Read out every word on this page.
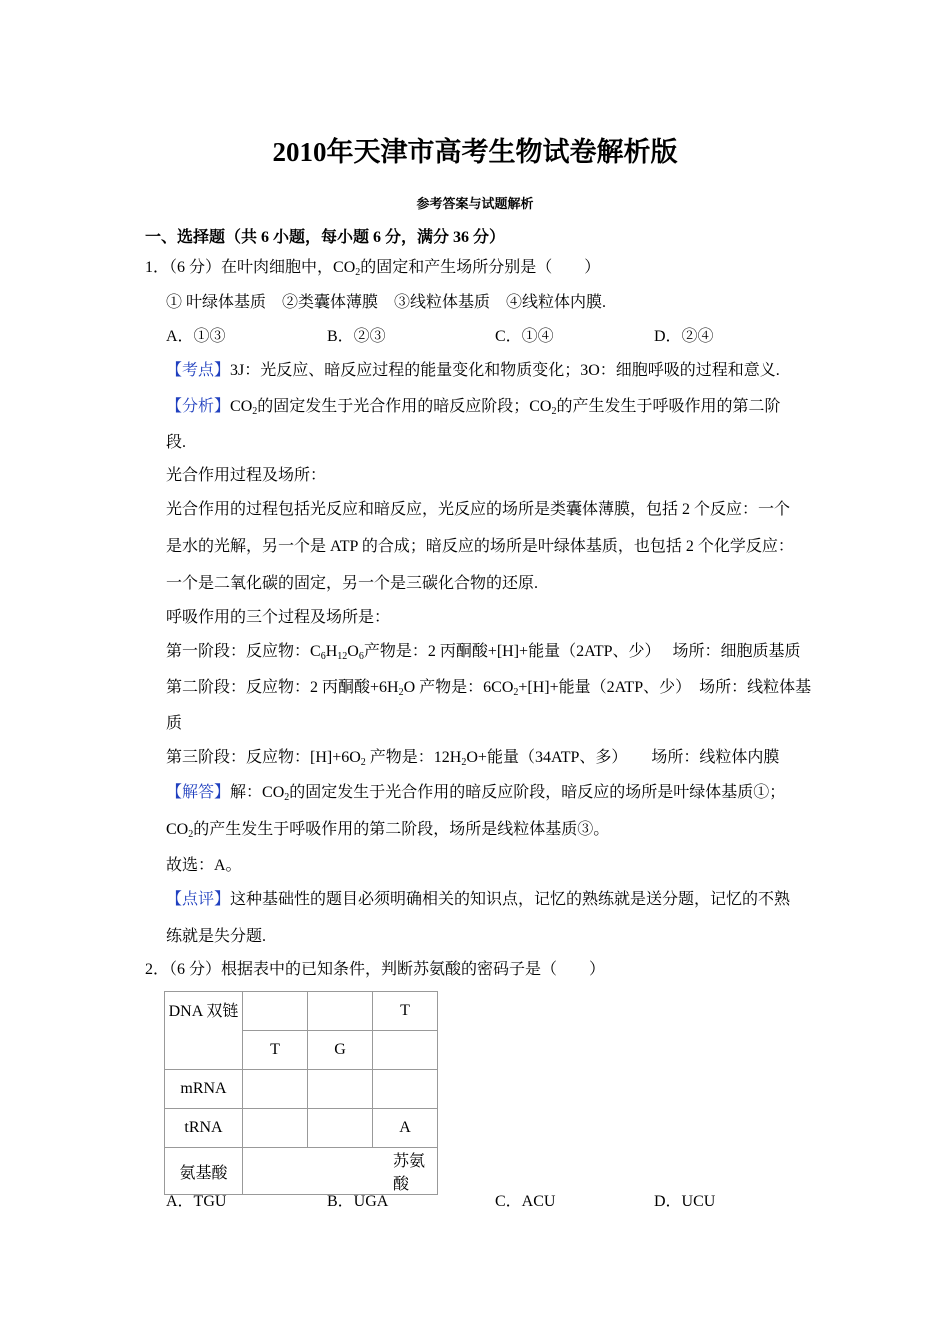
2010年天津市高考生物试卷解析版
参考答案与试题解析
一、选择题（共 6 小题，每小题 6 分，满分 36 分）
1．（6 分）在叶肉细胞中，$CO_2$的固定和产生场所分别是（　　）
① 叶绿体基质　②类囊体薄膜　③线粒体基质　④线粒体内膜.
A．①③	B．②③	C．①④	D．②④
【考点】3J：光反应、暗反应过程的能量变化和物质变化；3O：细胞呼吸的过程和意义.
【分析】$CO_2$的固定发生于光合作用的暗反应阶段；$CO_2$的产生发生于呼吸作用的第二阶
段.
光合作用过程及场所：
光合作用的过程包括光反应和暗反应，光反应的场所是类囊体薄膜，包括 2 个反应：一个
是水的光解，另一个是 ATP 的合成；暗反应的场所是叶绿体基质，也包括 2 个化学反应：
一个是二氧化碳的固定，另一个是三碳化合物的还原.
呼吸作用的三个过程及场所是：
第一阶段：反应物：$C_6H_{12}O_6$产物是：2 丙酮酸+[H]+能量（2ATP、少）　 场所：细胞质基质
第二阶段：反应物：2 丙酮酸$+6H_2O$ 产物是：$6CO_2+[H]+$能量（2ATP、少）　场所：线粒体基
质
第三阶段：反应物：$[H]+6O_2$ 产物是：$12H_2O+$能量（34ATP、多）　　场所：线粒体内膜
【解答】解：$CO_2$的固定发生于光合作用的暗反应阶段，暗反应的场所是叶绿体基质①；
$CO_2$的产生发生于呼吸作用的第二阶段，场所是线粒体基质③。
故选：A。
【点评】这种基础性的题目必须明确相关的知识点，记忆的熟练就是送分题，记忆的不熟
练就是失分题.
2．（6 分）根据表中的已知条件，判断苏氨酸的密码子是（　　）
DNA 双链			T
	T	G	
mRNA			
tRNA			A
氨基酸	苏氨酸		
A．TGU	B．UGA	C．ACU	D．UCU
